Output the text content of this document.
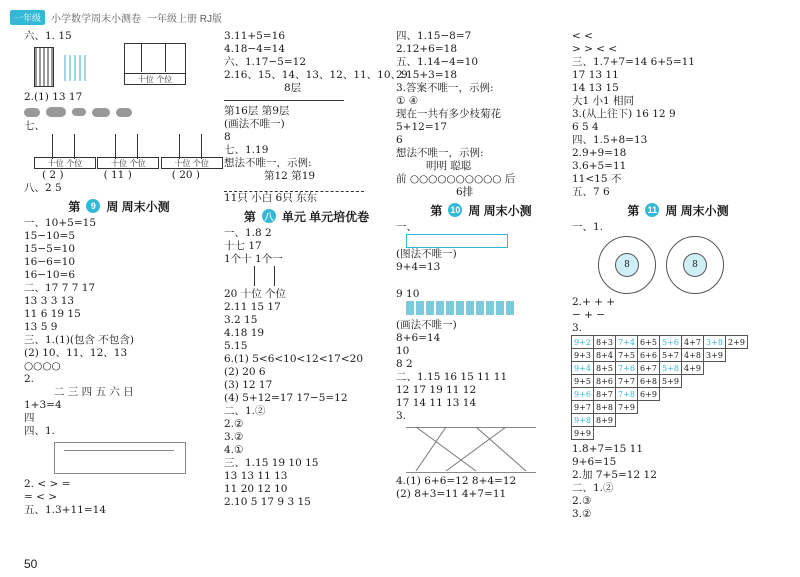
一年级	小学数学周末小测卷 一年级上册 RJ版
六、1. 15
十位 个位
2.(1) 13 17
七、
十位 个位	十位 个位	十位 个位
( 2 )	( 11 )	( 20 )
八、2 5
第	9 周 周末小测
一、10+5=15
15−10=5
15−5=10
16−6=10
16−10=6
二、17 7 7 17
13 3 3 13
11 6 19 15
13 5 9
三、1.(1)(包含 不包含)
(2) 10、11、12、13
○○○○
2.
二 三 四 五 六 日
1+3=4
四
四、1.
2. < > =
= < >
五、1.3+11=14
3.11+5=16
4.18−4=14
六、1.17−5=12
2.16、15、14、13、12、11、10、9
8层
第16层 第9层
(画法不唯一)
8
七、1.19
想法不唯一，示例:
第12 第19
11只 小白 6只 东东
第 八 单元 单元培优卷
一、1.8 2
十七 17
1个十 1个一
20 十位 个位
2.11 15 17
3.2 15
4.18 19
5.15
6.(1) 5<6<10<12<17<20
(2) 20 6
(3) 12 17
(4) 5+12=17 17−5=12
二、1.②
2.②
3.②
4.①
三、1.15 19 10 15
13 13 11 13
11 20 12 10
2.10 5 17 9 3 15
四、1.15−8=7
2.12+6=18
五、1.14−4=10
2.15+3=18
3.答案不唯一，示例:
① ④
现在一共有多少枝菊花
5+12=17
6
想法不唯一，示例:
明明 聪聪
前 ○○○○○○○○○○ 后
6排
第 10 周 周末小测
一、
(图法不唯一)
9+4=13
9 10
(画法不唯一)
8+6=14
10
8 2
二、1.15 16 15 11 11
12 17 19 11 12
17 14 11 13 14
3.
4.(1) 6+6=12 8+4=12
(2) 8+3=11 4+7=11
< <
> > < <
三、1.7+7=14 6+5=11
17 13 11
14 13 15
大1 小1 相同
3.(从上往下) 16 12 9
6 5 4
四、1.5+8=13
2.9+9=18
3.6+5=11
11<15 不
五、7 6
第 11 周 周末小测
一、1.
8	8
2.+ + +
− + −
3.
9+2 8+3 7+4 6+5 5+6 4+7 3+8 2+9
9+3 8+4 7+5 6+6 5+7 4+8 3+9
9+4 8+5 7+6 6+7 5+8 4+9
9+5 8+6 7+7 6+8 5+9
9+6 8+7 7+8 6+9
9+7 8+8 7+9
9+8 8+9
9+9
1.8+7=15 11
9+6=15
2.加 7+5=12 12
二、1.②
2.③
3.②
50
